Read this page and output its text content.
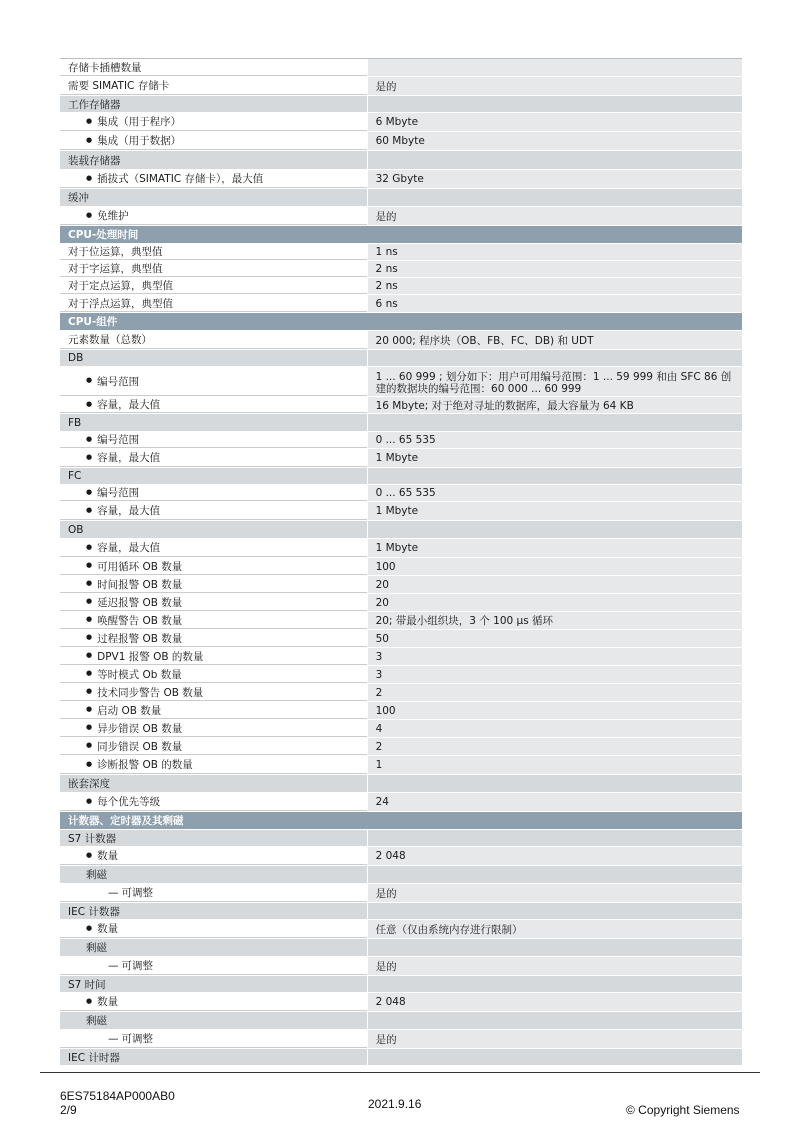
存储卡插槽数量
需要 SIMATIC 存储卡	是的
工作存储器
● 集成（用于程序）	6 Mbyte
● 集成（用于数据）	60 Mbyte
装载存储器
● 插拔式（SIMATIC 存储卡），最大值	32 Gbyte
缓冲
● 免维护	是的
CPU-处理时间
对于位运算，典型值	1 ns
对于字运算，典型值	2 ns
对于定点运算，典型值	2 ns
对于浮点运算，典型值	6 ns
CPU-组件
元素数量（总数）	20 000; 程序块（OB、FB、FC、DB) 和 UDT
DB
● 编号范围	1 ... 60 999 ; 划分如下：用户可用编号范围：1 ... 59 999 和由 SFC 86 创建的数据块的编号范围：60 000 ... 60 999
● 容量，最大值	16 Mbyte; 对于绝对寻址的数据库，最大容量为 64 KB
FB
● 编号范围	0 ... 65 535
● 容量，最大值	1 Mbyte
FC
● 编号范围	0 ... 65 535
● 容量，最大值	1 Mbyte
OB
● 容量，最大值	1 Mbyte
● 可用循环 OB 数量	100
● 时间报警 OB 数量	20
● 延迟报警 OB 数量	20
● 唤醒警告 OB 数量	20; 带最小组织块，3 个 100 μs 循环
● 过程报警 OB 数量	50
● DPV1 报警 OB 的数量	3
● 等时模式 Ob 数量	3
● 技术同步警告 OB 数量	2
● 启动 OB 数量	100
● 异步错误 OB 数量	4
● 同步错误 OB 数量	2
● 诊断报警 OB 的数量	1
嵌套深度
● 每个优先等级	24
计数器、定时器及其剩磁
S7 计数器
● 数量	2 048
剩磁
— 可调整	是的
IEC 计数器
● 数量	任意（仅由系统内存进行限制）
剩磁
— 可调整	是的
S7 时间
● 数量	2 048
剩磁
— 可调整	是的
IEC 计时器
6ES75184AP000AB0
2/9	2021.9.16	© Copyright Siemens
